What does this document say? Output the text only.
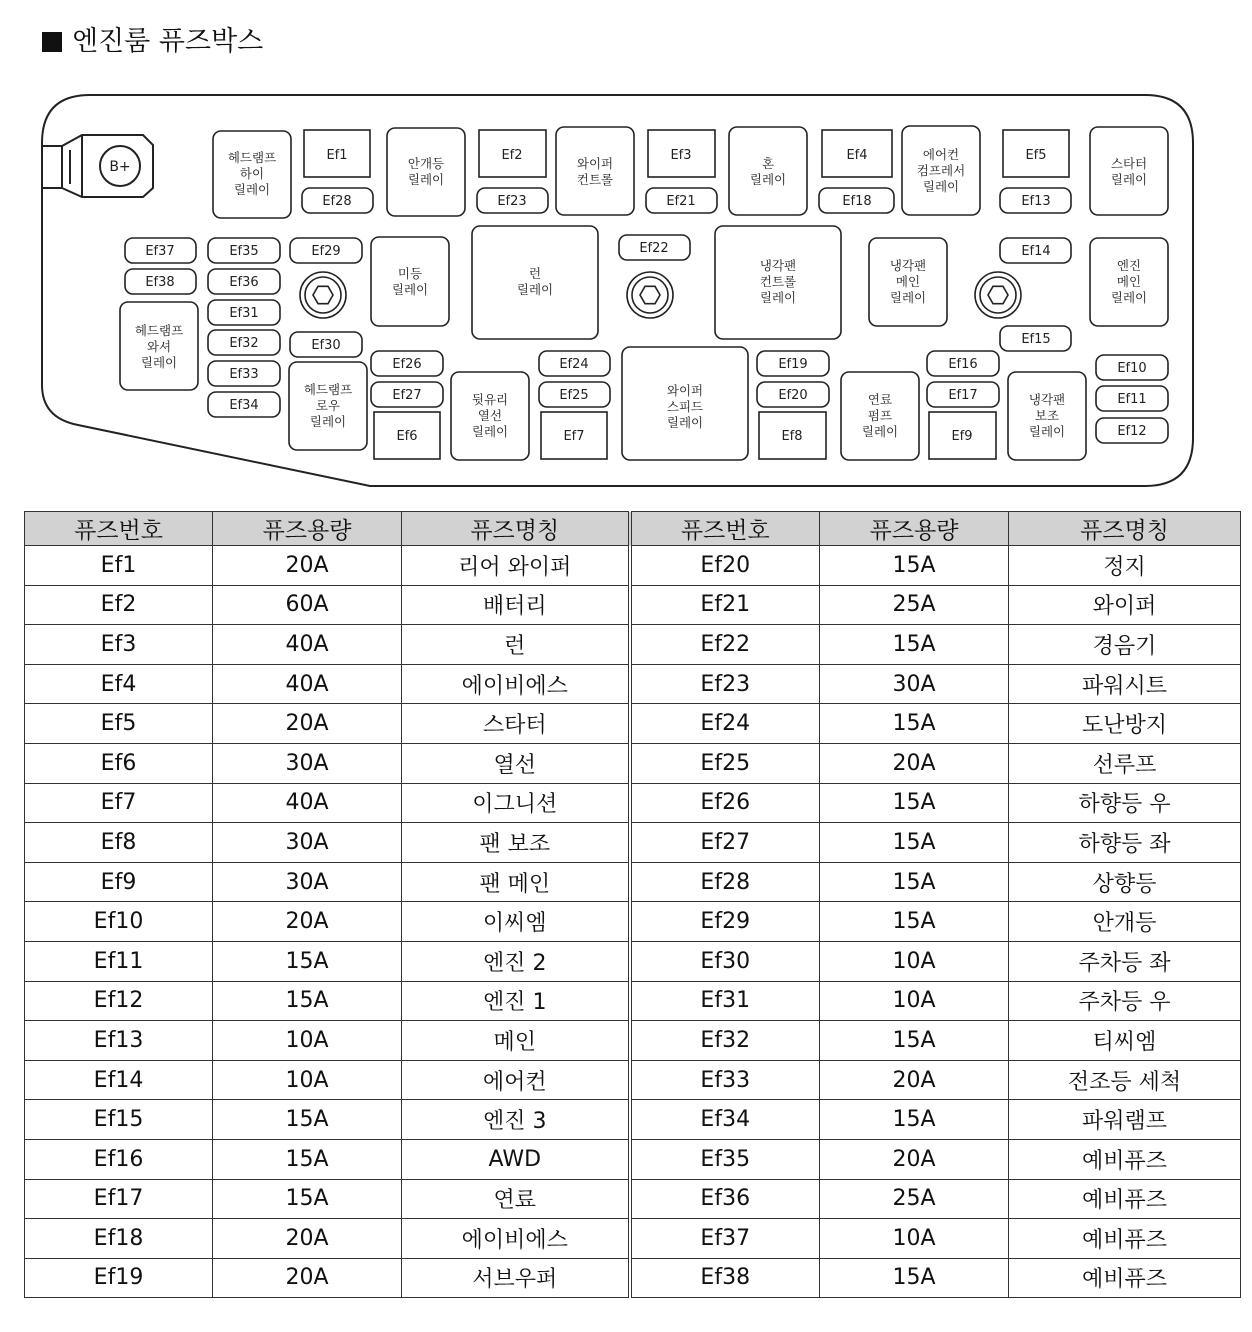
엔진룸 퓨즈박스
B+
헤드램프
하이
릴레이
안개등
릴레이
와이퍼
컨트롤
혼
릴레이
에어컨
컴프레서
릴레이
스타터
릴레이
미등
릴레이
런
릴레이
냉각팬
컨트롤
릴레이
냉각팬
메인
릴레이
엔진
메인
릴레이
헤드램프
와셔
릴레이
헤드램프
로우
릴레이
뒷유리
열선
릴레이
와이퍼
스피드
릴레이
연료
펌프
릴레이
냉각팬
보조
릴레이
Ef1	Ef2	Ef3	Ef4	Ef5
Ef6	Ef7	Ef8	Ef9
Ef28	Ef23	Ef21	Ef18	Ef13
Ef37
Ef38
Ef35
Ef36
Ef31
Ef32
Ef33
Ef34
Ef29
Ef30
Ef22	Ef14
Ef15
Ef26
Ef27
Ef24
Ef25
Ef19
Ef20
Ef16
Ef17
Ef10
Ef11
Ef12
퓨즈번호	퓨즈용량	퓨즈명칭	퓨즈번호	퓨즈용량	퓨즈명칭
Ef1	20A	리어 와이퍼	Ef20	15A	정지
Ef2	60A	배터리	Ef21	25A	와이퍼
Ef3	40A	런	Ef22	15A	경음기
Ef4	40A	에이비에스	Ef23	30A	파워시트
Ef5	20A	스타터	Ef24	15A	도난방지
Ef6	30A	열선	Ef25	20A	선루프
Ef7	40A	이그니션	Ef26	15A	하향등 우
Ef8	30A	팬 보조	Ef27	15A	하향등 좌
Ef9	30A	팬 메인	Ef28	15A	상향등
Ef10	20A	이씨엠	Ef29	15A	안개등
Ef11	15A	엔진 2	Ef30	10A	주차등 좌
Ef12	15A	엔진 1	Ef31	10A	주차등 우
Ef13	10A	메인	Ef32	15A	티씨엠
Ef14	10A	에어컨	Ef33	20A	전조등 세척
Ef15	15A	엔진 3	Ef34	15A	파워램프
Ef16	15A	AWD	Ef35	20A	예비퓨즈
Ef17	15A	연료	Ef36	25A	예비퓨즈
Ef18	20A	에이비에스	Ef37	10A	예비퓨즈
Ef19	20A	서브우퍼	Ef38	15A	예비퓨즈
